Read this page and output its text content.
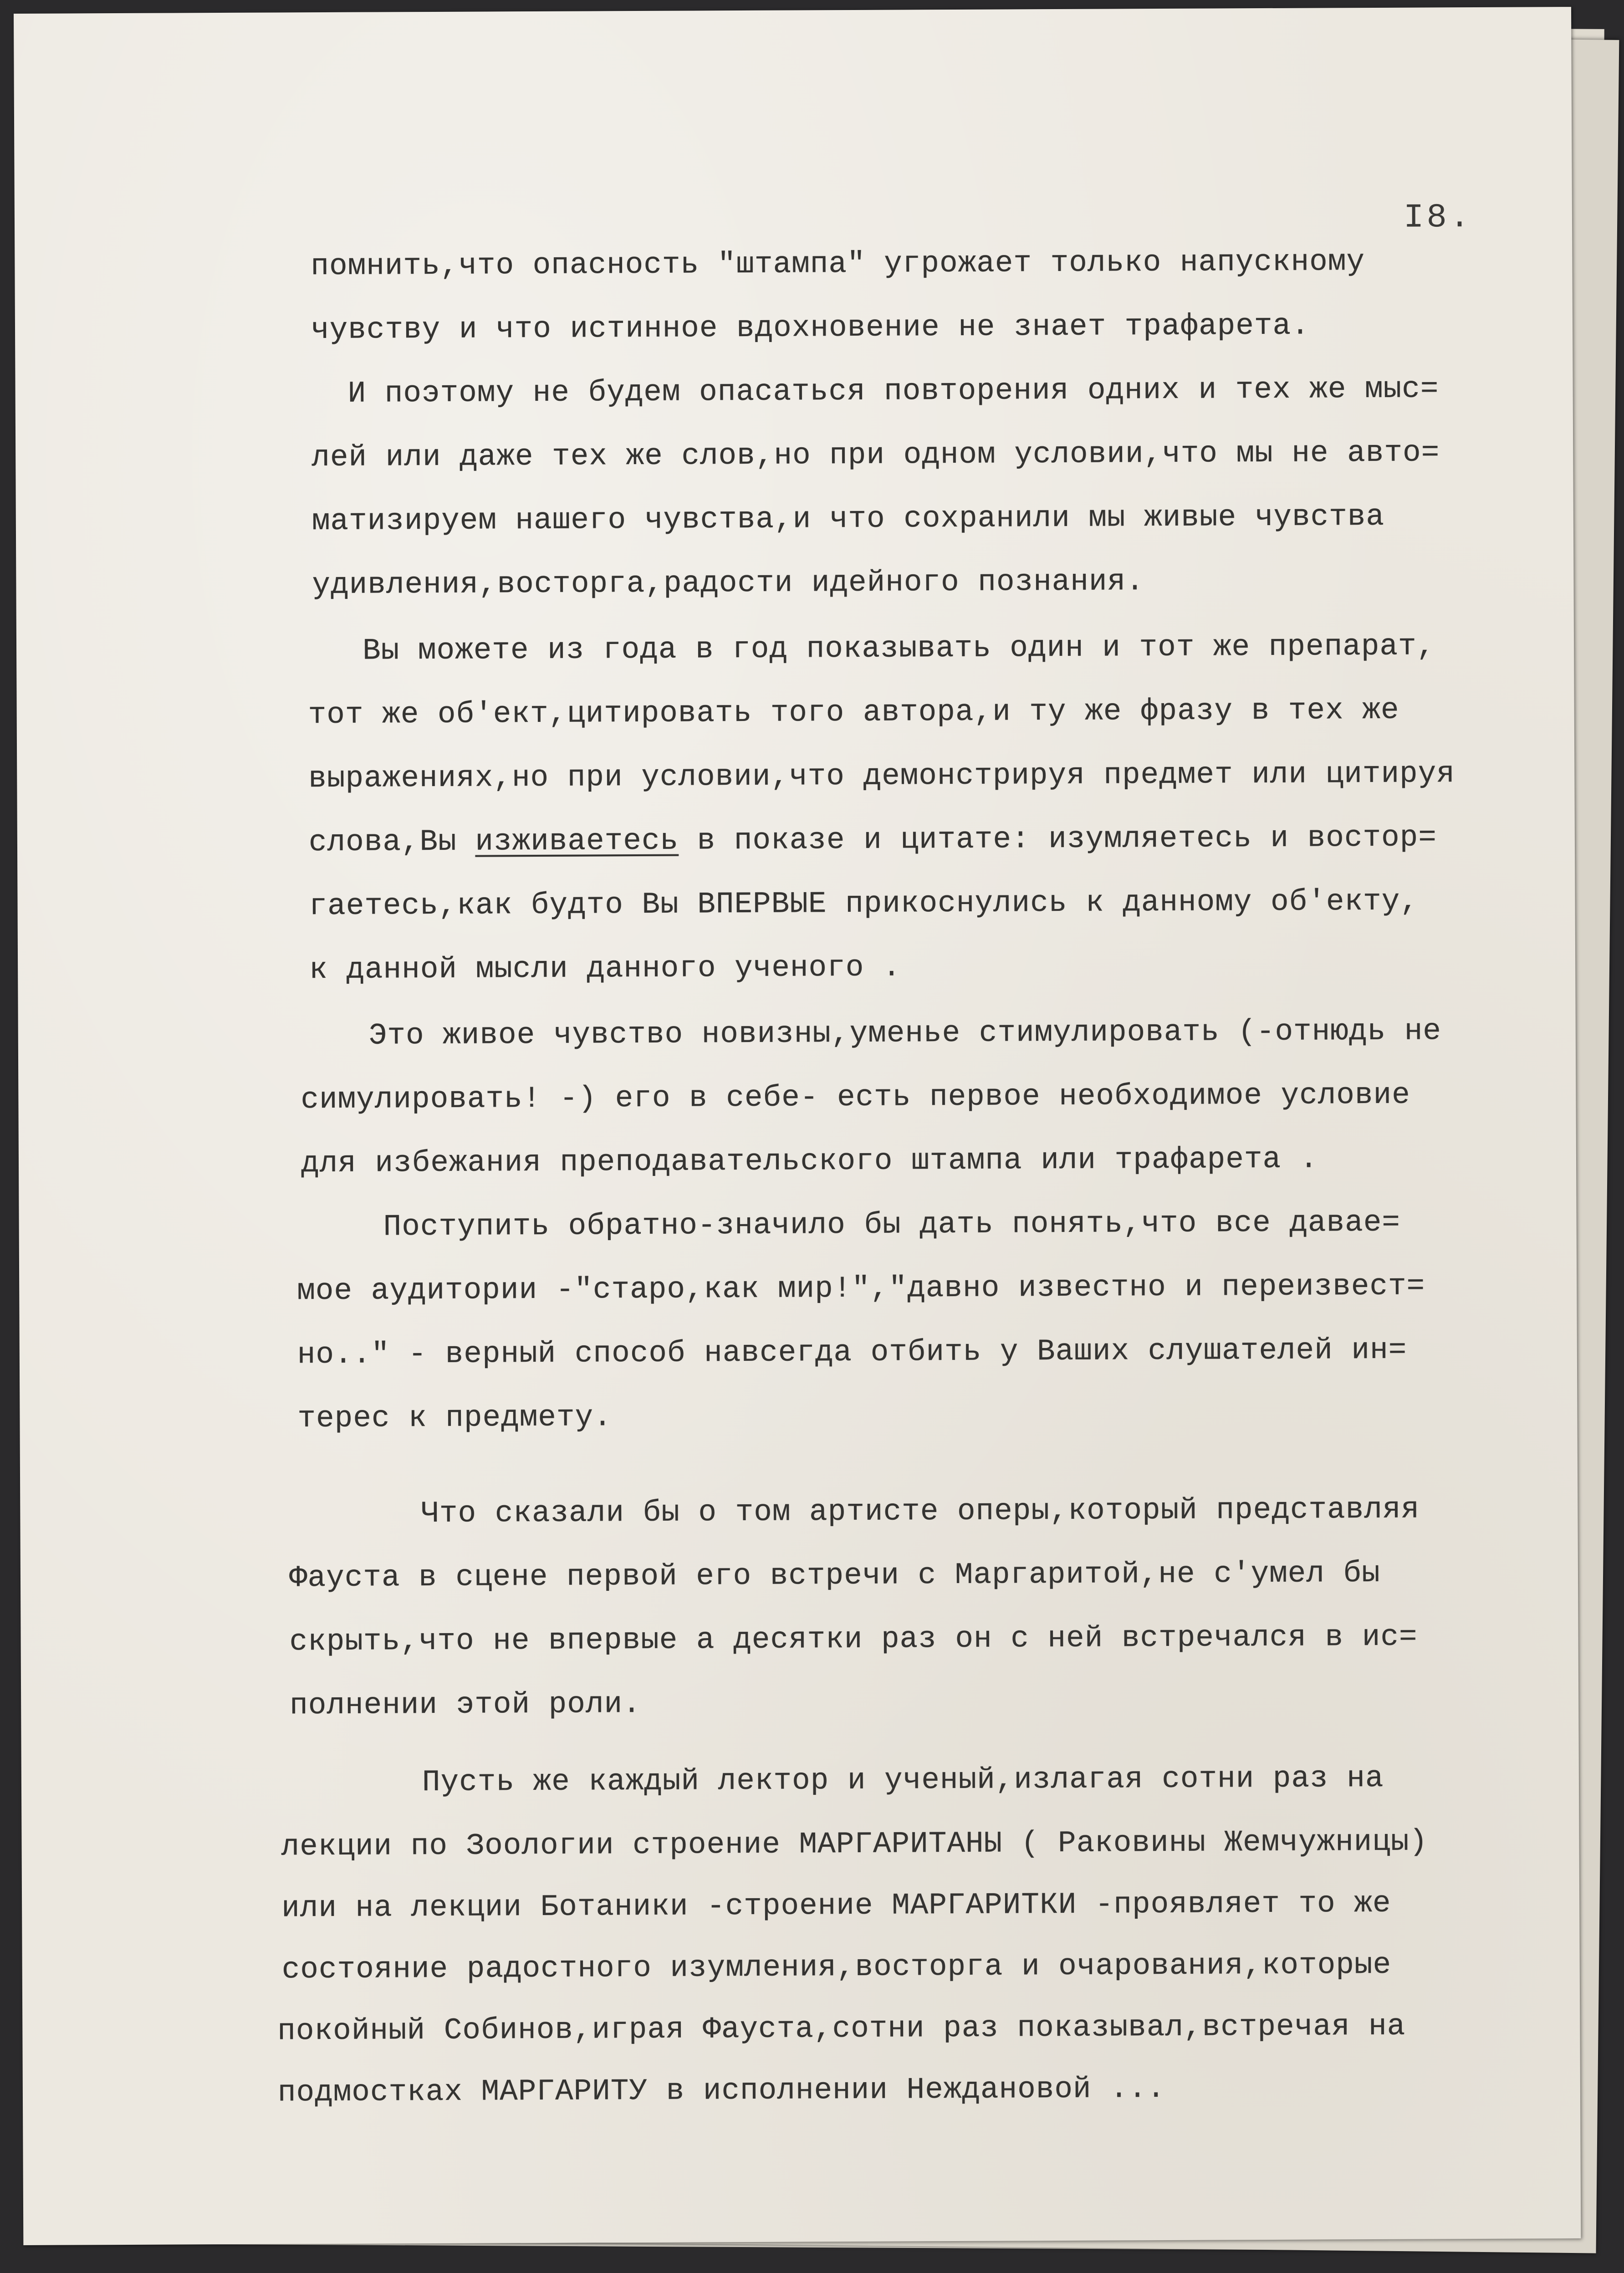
I8.
помнить,что опасность "штампа" угрожает только напускному
чувству и что истинное вдохновение не знает трафарета.
И поэтому не будем опасаться повторения одних и тех же мыс=
лей или даже тех же слов,но при одном условии,что мы не авто=
матизируем нашего чувства,и что сохранили мы живые чувства
удивления,восторга,радости идейного познания.
Вы можете из года в год показывать один и тот же препарат,
тот же об'ект,цитировать того автора,и ту же фразу в тех же
выражениях,но при условии,что демонстрируя предмет или цитируя
слова,Вы изживаетесь в показе и цитате: изумляетесь и востор=
гаетесь,как будто Вы ВПЕРВЫЕ прикоснулись к данному об'екту,
к данной мысли данного ученого .
Это живое чувство новизны,уменье стимулировать (-отнюдь не
симулировать! -) его в себе- есть первое необходимое условие
для избежания преподавательского штампа или трафарета .
Поступить обратно-значило бы дать понять,что все давае=
мое аудитории -"старо,как мир!","давно известно и переизвест=
но.." - верный способ навсегда отбить у Ваших слушателей ин=
терес к предмету.
Что сказали бы о том артисте оперы,который представляя
Фауста в сцене первой его встречи с Маргаритой,не с'умел бы
скрыть,что не впервые а десятки раз он с ней встречался в ис=
полнении этой роли.
Пусть же каждый лектор и ученый,излагая сотни раз на
лекции по Зоологии строение МАРГАРИТАНЫ ( Раковины Жемчужницы)
или на лекции Ботаники -строение МАРГАРИТКИ -проявляет то же
состояние радостного изумления,восторга и очарования,которые
покойный Собинов,играя Фауста,сотни раз показывал,встречая на
подмостках МАРГАРИТУ в исполнении Неждановой ...
